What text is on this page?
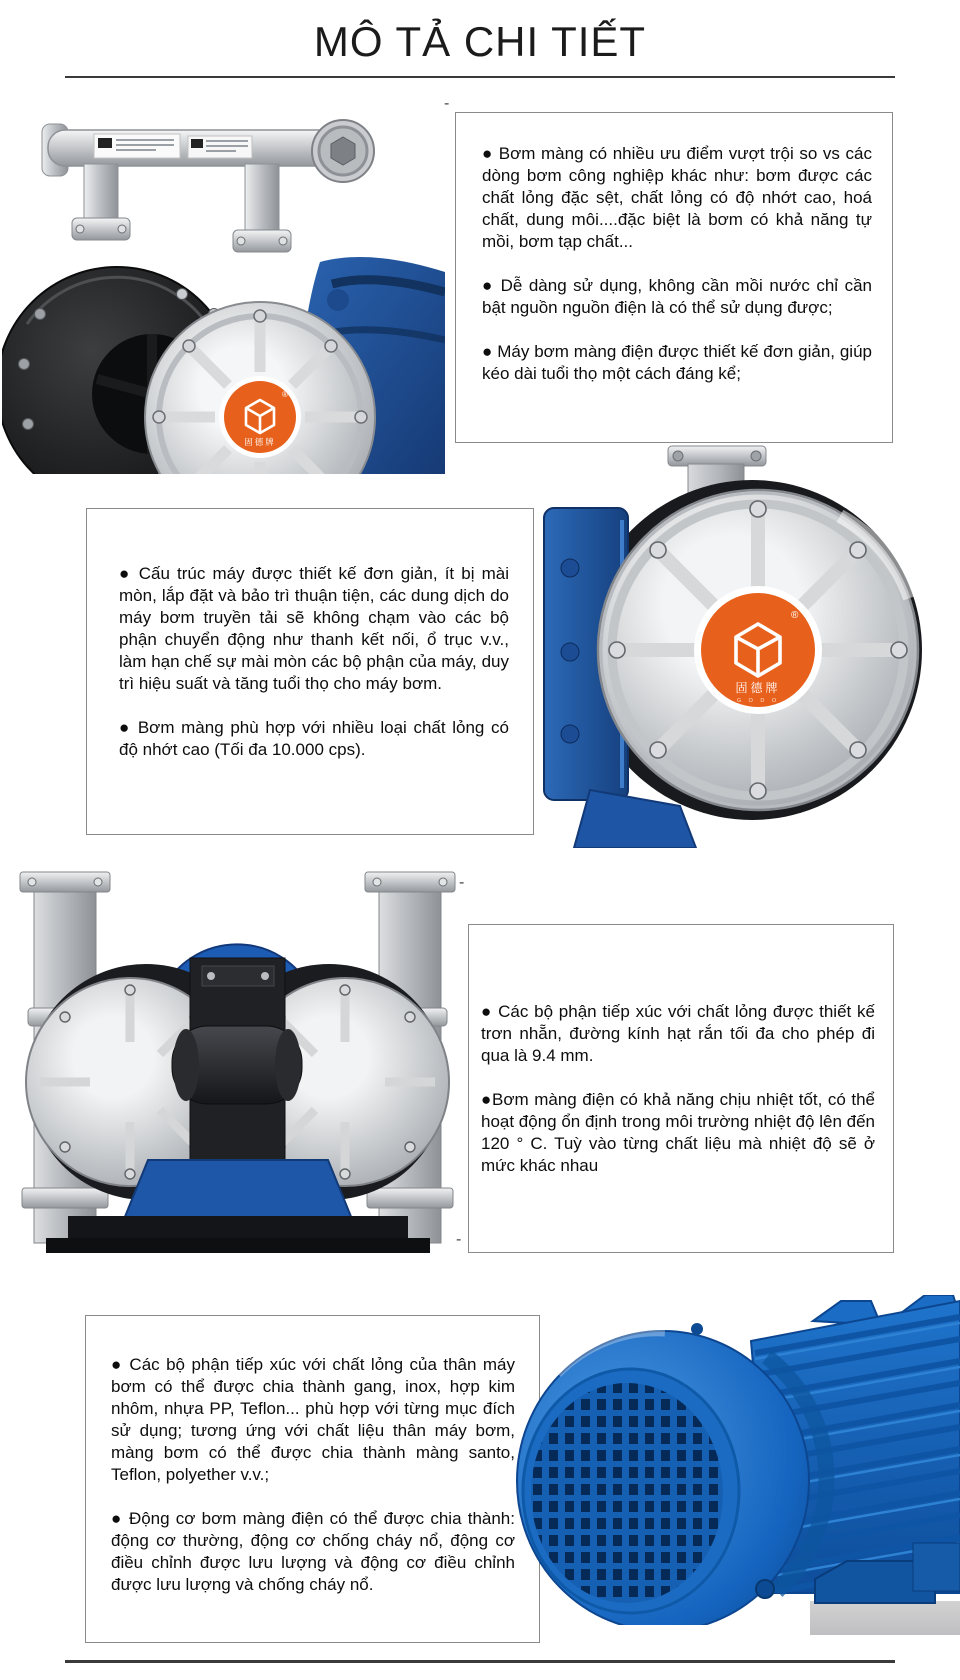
MÔ TẢ CHI TIẾT
®
固德牌
-

● Bơm màng có nhiều ưu điểm vượt trội so vs các dòng bơm công nghiệp khác như: bơm được các chất lỏng đặc sệt, chất lỏng có độ nhớt cao, hoá chất, dung môi....đặc biệt là bơm có khả năng tự mồi, bơm tạp chất...

● Dễ dàng sử dụng, không cần mồi nước chỉ cần bật nguồn nguồn điện là có thể sử dụng được;

● Máy bơm màng điện được thiết kế đơn giản, giúp kéo dài tuổi thọ một cách đáng kể;

● Cấu trúc máy được thiết kế đơn giản, ít bị mài mòn, lắp đặt và bảo trì thuận tiện, các dung dịch do máy bơm truyền tải sẽ không chạm vào các bộ phận chuyển động như thanh kết nối, ổ trục v.v., làm hạn chế sự mài mòn các bộ phận của máy, duy trì hiệu suất và tăng tuổi thọ cho máy bơm.

● Bơm màng phù hợp với nhiều loại chất lỏng có độ nhớt cao (Tối đa 10.000 cps).

®
固德牌
G O D O
-

● Các bộ phận tiếp xúc với chất lỏng được thiết kế trơn nhẵn, đường kính hạt rắn tối đa cho phép đi qua là 9.4 mm.

●Bơm màng điện có khả năng chịu nhiệt tốt, có thể hoạt động ổn định trong môi trường nhiệt độ lên đến 120 ° C. Tuỳ vào từng chất liệu mà nhiệt độ sẽ ở mức khác nhau

-

● Các bộ phận tiếp xúc với chất lỏng của thân máy bơm có thể được chia thành gang, inox, hợp kim nhôm, nhựa PP, Teflon... phù hợp với từng mục đích sử dụng; tương ứng với chất liệu thân máy bơm, màng bơm có thể được chia thành màng santo, Teflon, polyether v.v.;

● Động cơ bơm màng điện có thể được chia thành: động cơ thường, động cơ chống cháy nổ, động cơ điều chỉnh được lưu lượng và động cơ điều chỉnh được lưu lượng và chống cháy nổ.
